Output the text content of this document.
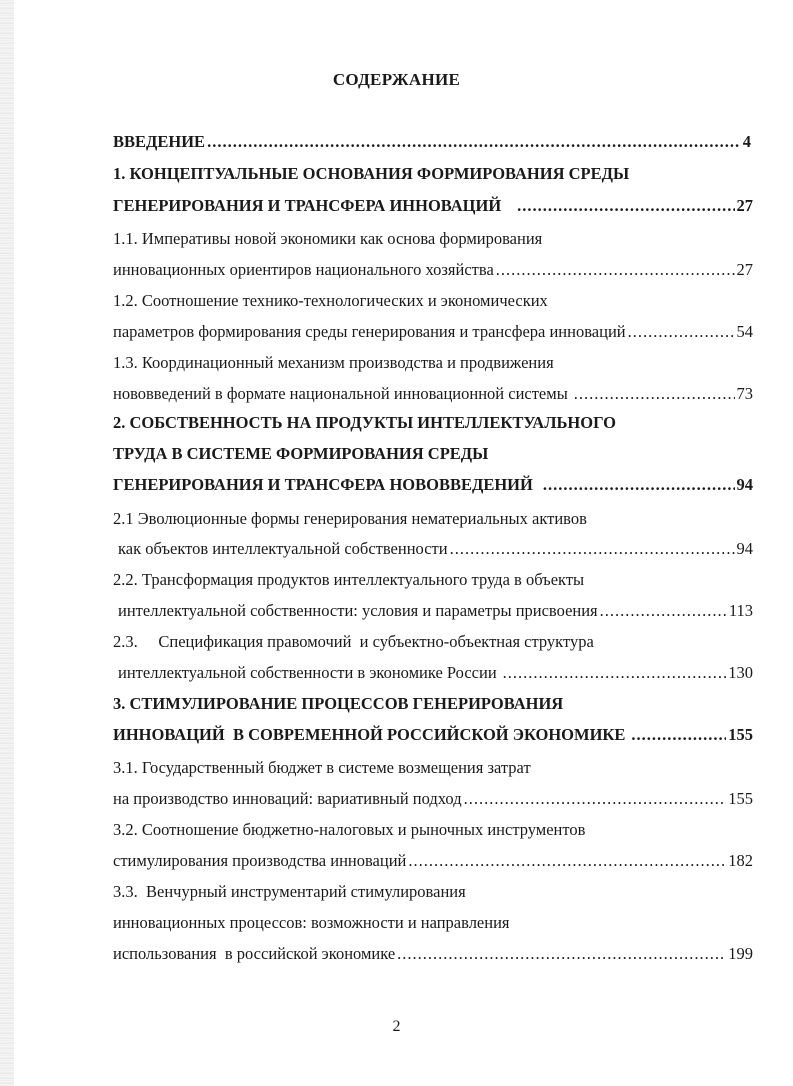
СОДЕРЖАНИЕ
ВВЕДЕНИЕ .....	4
1. КОНЦЕПТУАЛЬНЫЕ ОСНОВАНИЯ ФОРМИРОВАНИЯ СРЕДЫ
ГЕНЕРИРОВАНИЯ И ТРАНСФЕРА ИННОВАЦИЙ .....	27
1.1. Императивы новой экономики как основа формирования
инновационных ориентиров национального хозяйства .....	27
1.2. Соотношение технико-технологических и экономических
параметров формирования среды генерирования и трансфера инноваций .....	54
1.3. Координационный механизм производства и продвижения
нововведений в формате национальной инновационной системы .....	73
2. СОБСТВЕННОСТЬ НА ПРОДУКТЫ ИНТЕЛЛЕКТУАЛЬНОГО
ТРУДА В СИСТЕМЕ ФОРМИРОВАНИЯ СРЕДЫ
ГЕНЕРИРОВАНИЯ И ТРАНСФЕРА НОВОВВЕДЕНИЙ .....	94
2.1 Эволюционные формы генерирования нематериальных активов
как объектов интеллектуальной собственности .....	94
2.2. Трансформация продуктов интеллектуального труда в объекты
интеллектуальной собственности: условия и параметры присвоения .....	113
2.3.     Спецификация правомочий  и субъектно-объектная структура
интеллектуальной собственности в экономике России .....	130
3. СТИМУЛИРОВАНИЕ ПРОЦЕССОВ ГЕНЕРИРОВАНИЯ
ИННОВАЦИЙ  В СОВРЕМЕННОЙ РОССИЙСКОЙ ЭКОНОМИКЕ .....	155
3.1. Государственный бюджет в системе возмещения затрат
на производство инноваций: вариативный подход .....	155
3.2. Соотношение бюджетно-налоговых и рыночных инструментов
стимулирования производства инноваций .....	182
3.3.  Венчурный инструментарий стимулирования
инновационных процессов: возможности и направления
использования  в российской экономике .....	199
2
